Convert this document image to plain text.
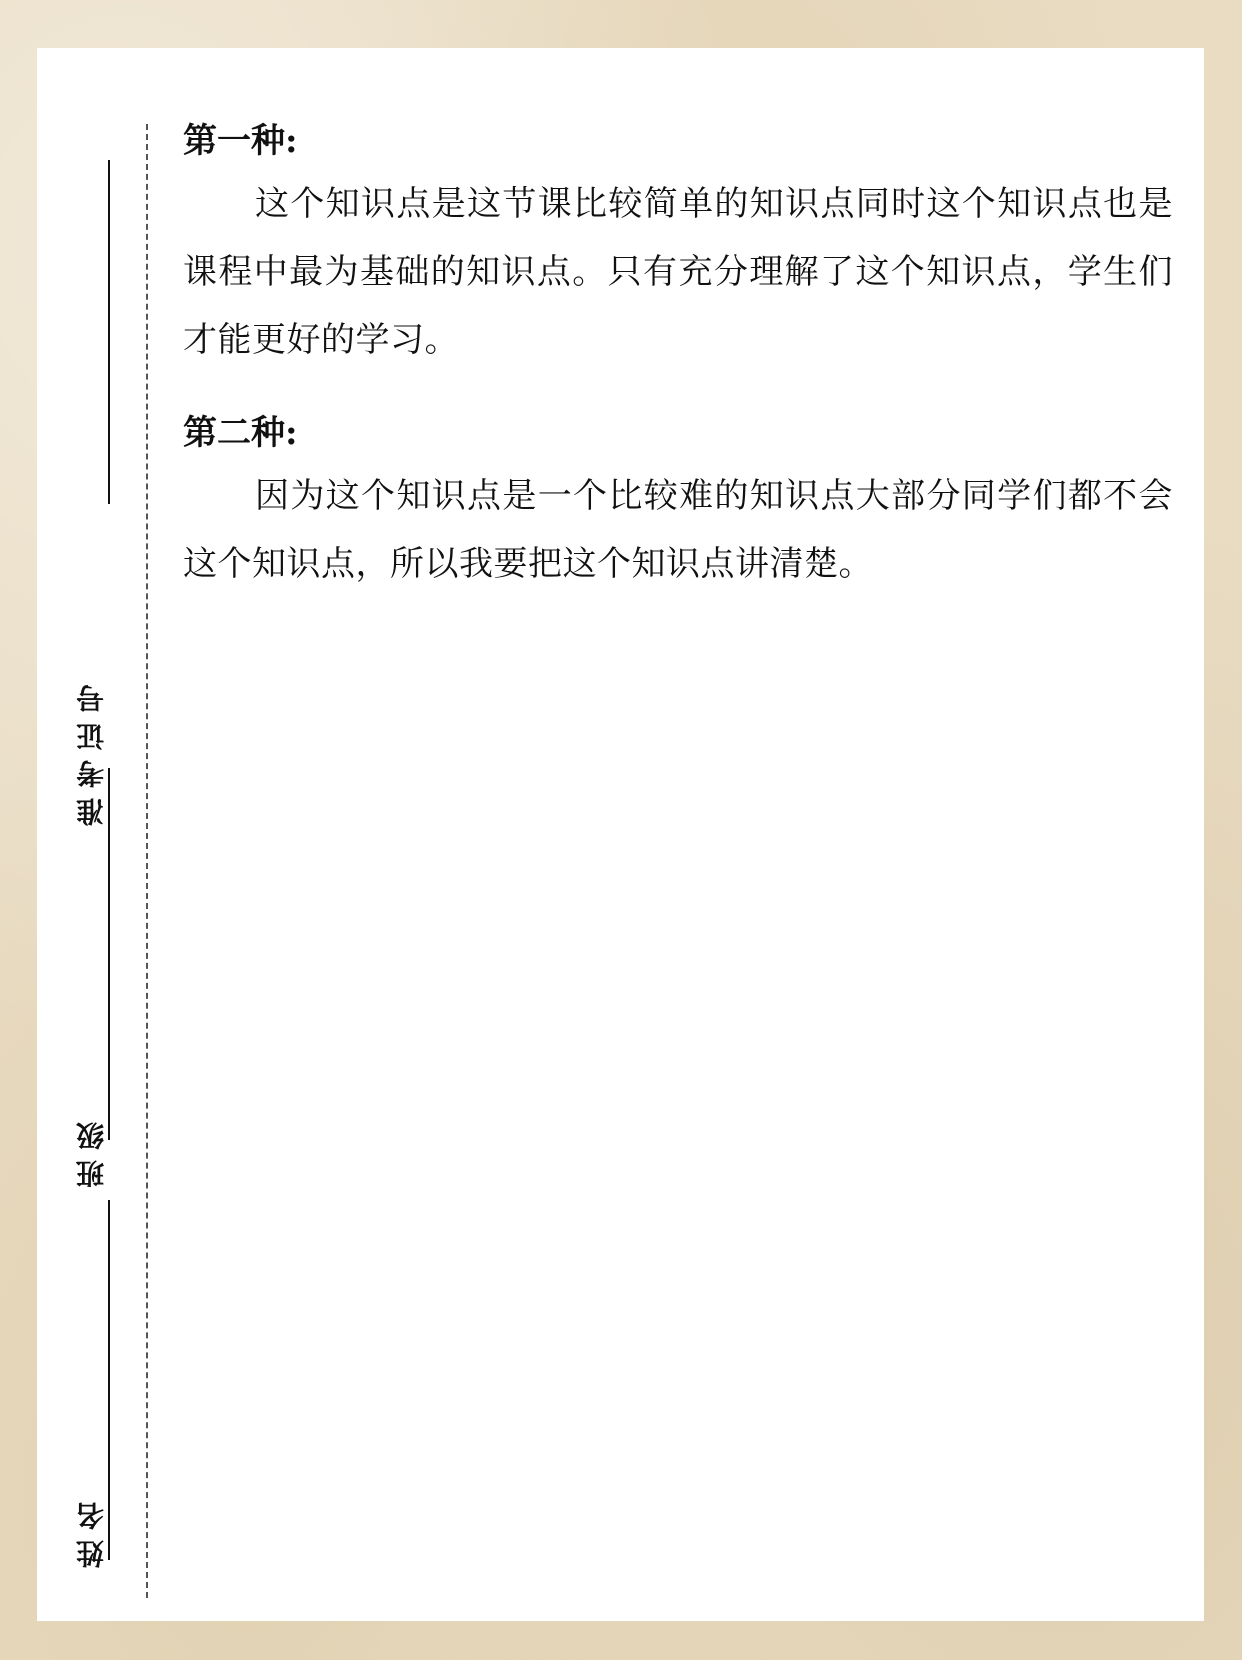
准 考 证 号
班 级
姓 名

第一种:

这个知识点是这节课比较简单的知识点同时这个知识点也是课程中最为基础的知识点。只有充分理解了这个知识点，学生们才能更好的学习。

第二种:

因为这个知识点是一个比较难的知识点大部分同学们都不会这个知识点，所以我要把这个知识点讲清楚。
